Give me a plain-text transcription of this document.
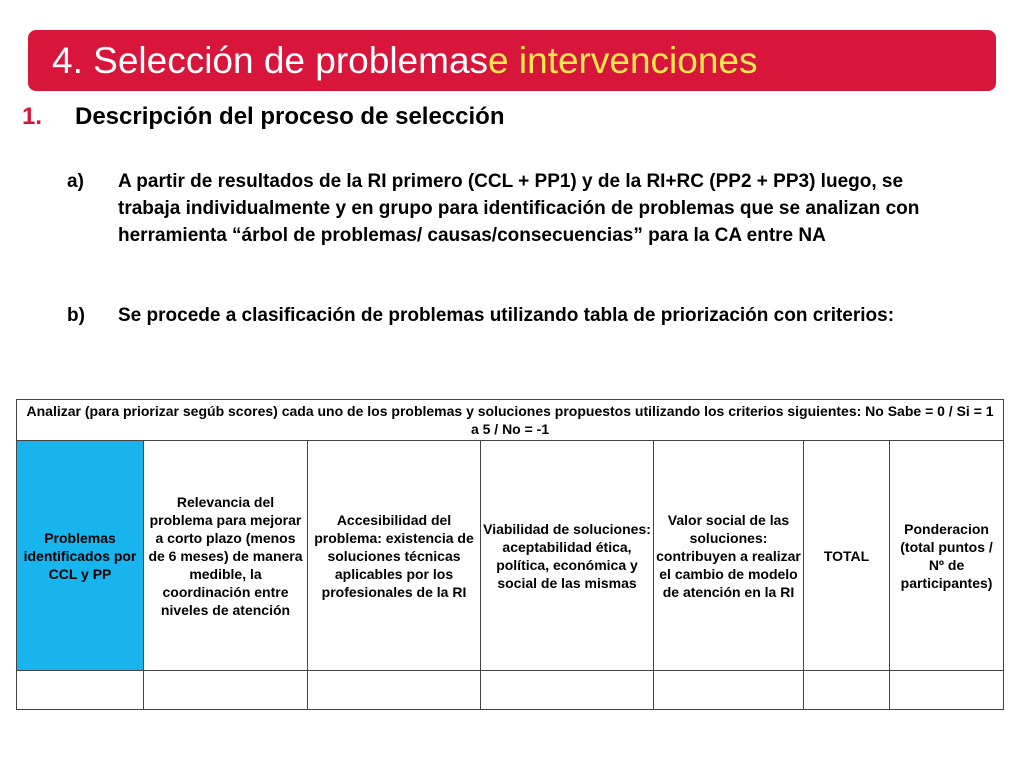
4. Selección de problemas e intervenciones
1. Descripción del proceso de selección
a)	A partir de resultados de la RI primero (CCL + PP1) y de la RI+RC (PP2 + PP3) luego, se trabaja individualmente y en grupo para identificación de problemas que se analizan con herramienta “árbol de problemas/ causas/consecuencias” para la CA entre NA
b)	Se procede a clasificación de problemas utilizando tabla de priorización con criterios:
Analizar (para priorizar segúb scores) cada uno de los problemas y soluciones propuestos utilizando los criterios siguientes: No Sabe = 0 / Si = 1 a 5 / No = -1						
Problemas identificados por CCL y PP	Relevancia del problema para mejorar a corto plazo (menos de 6 meses) de manera medible, la coordinación entre niveles de atención	Accesibilidad del problema: existencia de soluciones técnicas aplicables por los profesionales de la RI	Viabilidad de soluciones: aceptabilidad ética, política, económica y social de las mismas	Valor social de las soluciones: contribuyen a realizar el cambio de modelo de atención en la RI	TOTAL	Ponderacion (total puntos / Nº de participantes)
